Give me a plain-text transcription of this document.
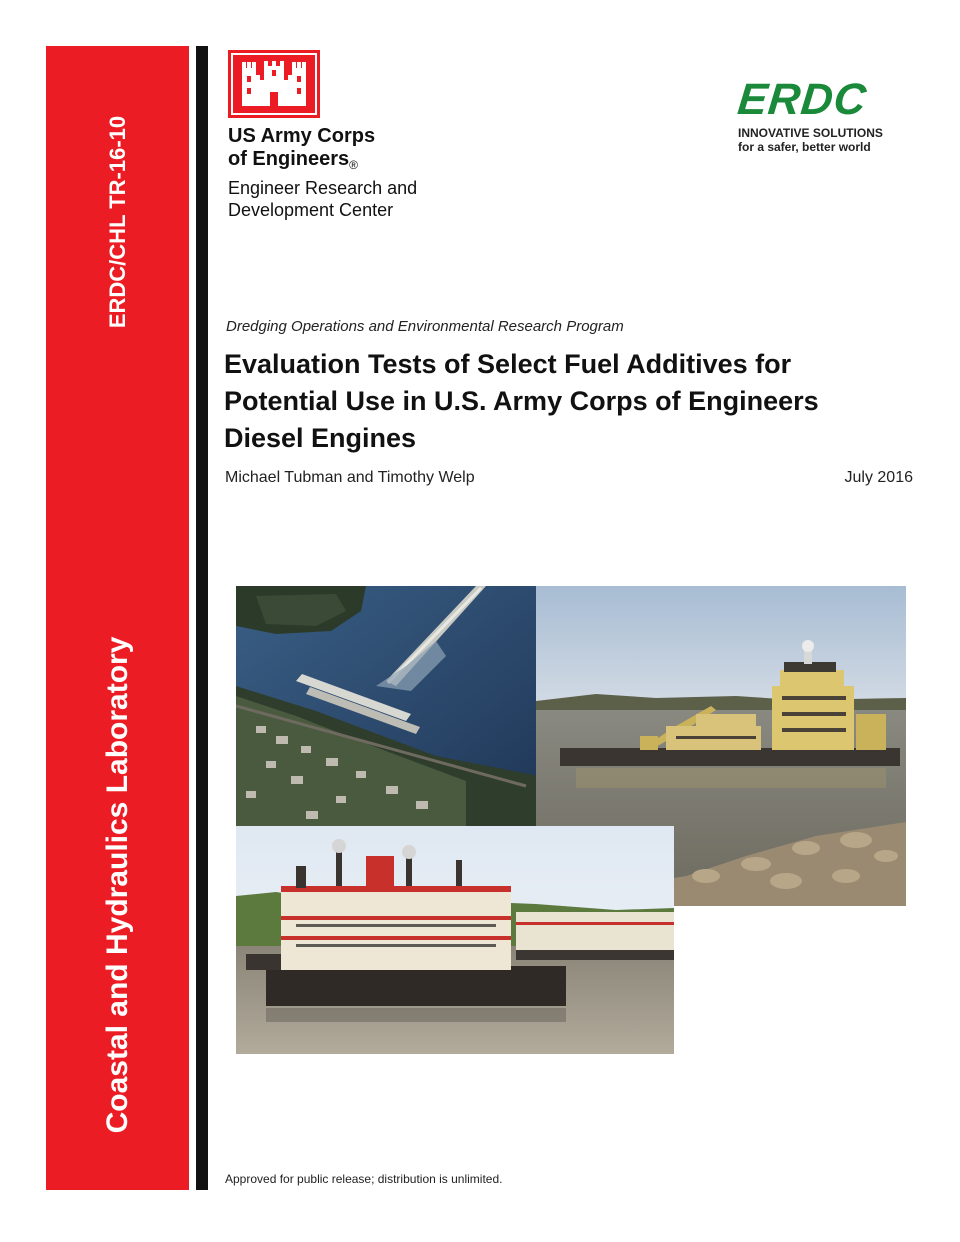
ERDC/CHL TR-16-10
Coastal and Hydraulics Laboratory
US Army Corps
of Engineers$_®$
Engineer Research and
Development Center
ERDC
INNOVATIVE SOLUTIONS
for a safer, better world
Dredging Operations and Environmental Research Program
Evaluation Tests of Select Fuel Additives for
Potential Use in U.S. Army Corps of Engineers
Diesel Engines
Michael Tubman and Timothy Welp	July 2016
Approved for public release; distribution is unlimited.
